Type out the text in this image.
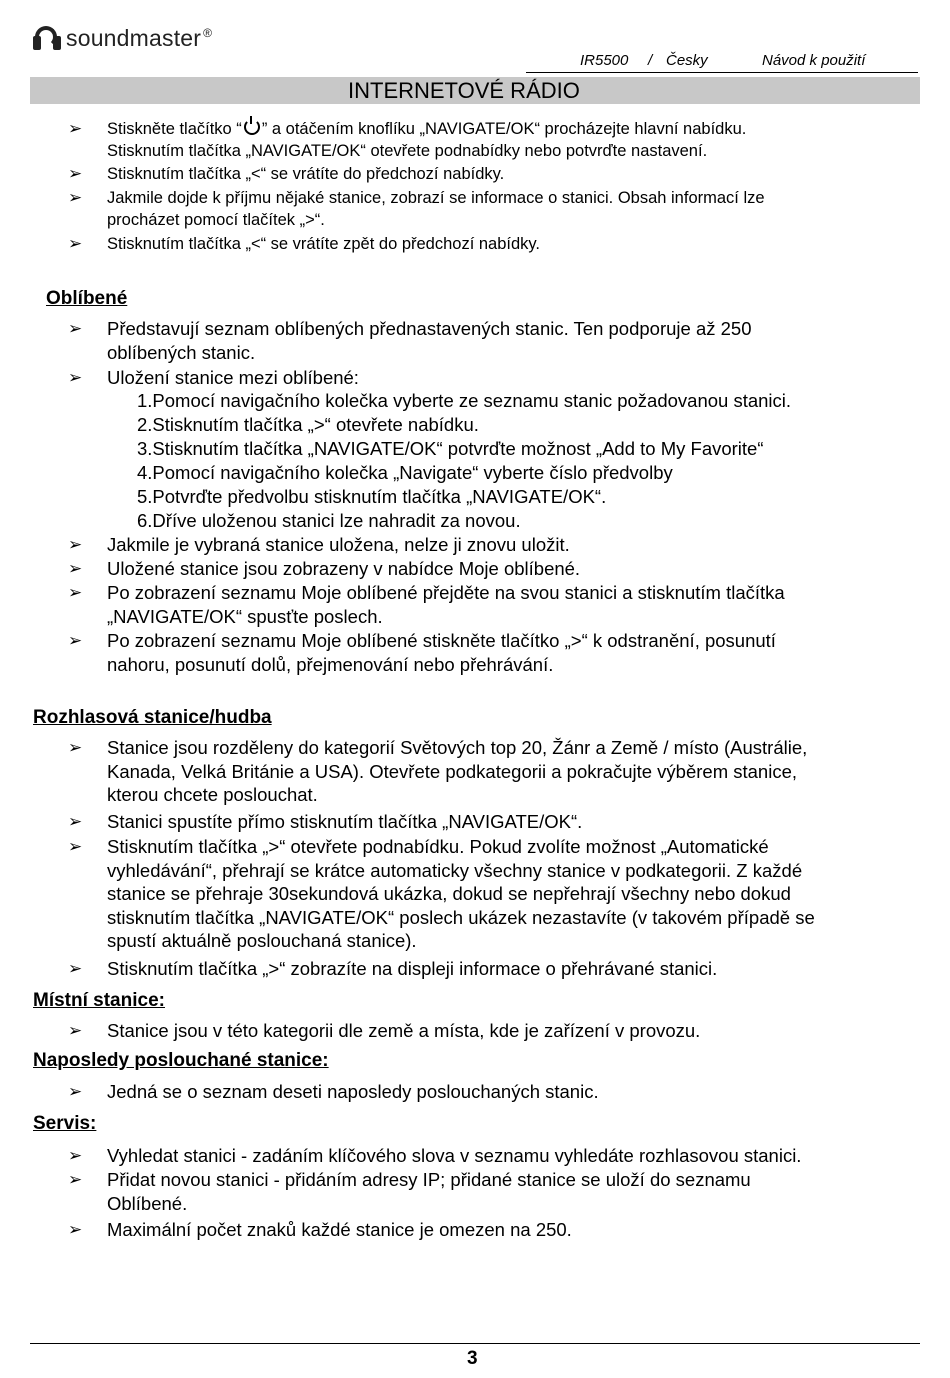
soundmaster ®
IR5500 / Česky	Návod k použití
INTERNETOVÉ RÁDIO
➢ Stiskněte tlačítko “ ” a otáčením knoflíku „NAVIGATE/OK“ procházejte hlavní nabídku.
Stisknutím tlačítka „NAVIGATE/OK“ otevřete podnabídky nebo potvrďte nastavení.
➢ Stisknutím tlačítka „<“ se vrátíte do předchozí nabídky.
➢ Jakmile dojde k příjmu nějaké stanice, zobrazí se informace o stanici. Obsah informací lze
procházet pomocí tlačítek „>“.
➢ Stisknutím tlačítka „<“ se vrátíte zpět do předchozí nabídky.
Oblíbené
➢ Představují seznam oblíbených přednastavených stanic. Ten podporuje až 250
oblíbených stanic.
➢ Uložení stanice mezi oblíbené:
1.Pomocí navigačního kolečka vyberte ze seznamu stanic požadovanou stanici.
2.Stisknutím tlačítka „>“ otevřete nabídku.
3.Stisknutím tlačítka „NAVIGATE/OK“ potvrďte možnost „Add to My Favorite“
4.Pomocí navigačního kolečka „Navigate“ vyberte číslo předvolby
5.Potvrďte předvolbu stisknutím tlačítka „NAVIGATE/OK“.
6.Dříve uloženou stanici lze nahradit za novou.
➢ Jakmile je vybraná stanice uložena, nelze ji znovu uložit.
➢ Uložené stanice jsou zobrazeny v nabídce Moje oblíbené.
➢ Po zobrazení seznamu Moje oblíbené přejděte na svou stanici a stisknutím tlačítka
„NAVIGATE/OK“ spusťte poslech.
➢ Po zobrazení seznamu Moje oblíbené stiskněte tlačítko „>“ k odstranění, posunutí
nahoru, posunutí dolů, přejmenování nebo přehrávání.
Rozhlasová stanice/hudba
➢ Stanice jsou rozděleny do kategorií Světových top 20, Žánr a Země / místo (Austrálie,
Kanada, Velká Británie a USA). Otevřete podkategorii a pokračujte výběrem stanice,
kterou chcete poslouchat.
➢ Stanici spustíte přímo stisknutím tlačítka „NAVIGATE/OK“.
➢ Stisknutím tlačítka „>“ otevřete podnabídku. Pokud zvolíte možnost „Automatické
vyhledávání“, přehrají se krátce automaticky všechny stanice v podkategorii. Z každé
stanice se přehraje 30sekundová ukázka, dokud se nepřehrají všechny nebo dokud
stisknutím tlačítka „NAVIGATE/OK“ poslech ukázek nezastavíte (v takovém případě se
spustí aktuálně poslouchaná stanice).
➢ Stisknutím tlačítka „>“ zobrazíte na displeji informace o přehrávané stanici.
Místní stanice:
➢ Stanice jsou v této kategorii dle země a místa, kde je zařízení v provozu.
Naposledy poslouchané stanice:
➢ Jedná se o seznam deseti naposledy poslouchaných stanic.
Servis:
➢ Vyhledat stanici - zadáním klíčového slova v seznamu vyhledáte rozhlasovou stanici.
➢ Přidat novou stanici - přidáním adresy IP; přidané stanice se uloží do seznamu
Oblíbené.
➢ Maximální počet znaků každé stanice je omezen na 250.
3
